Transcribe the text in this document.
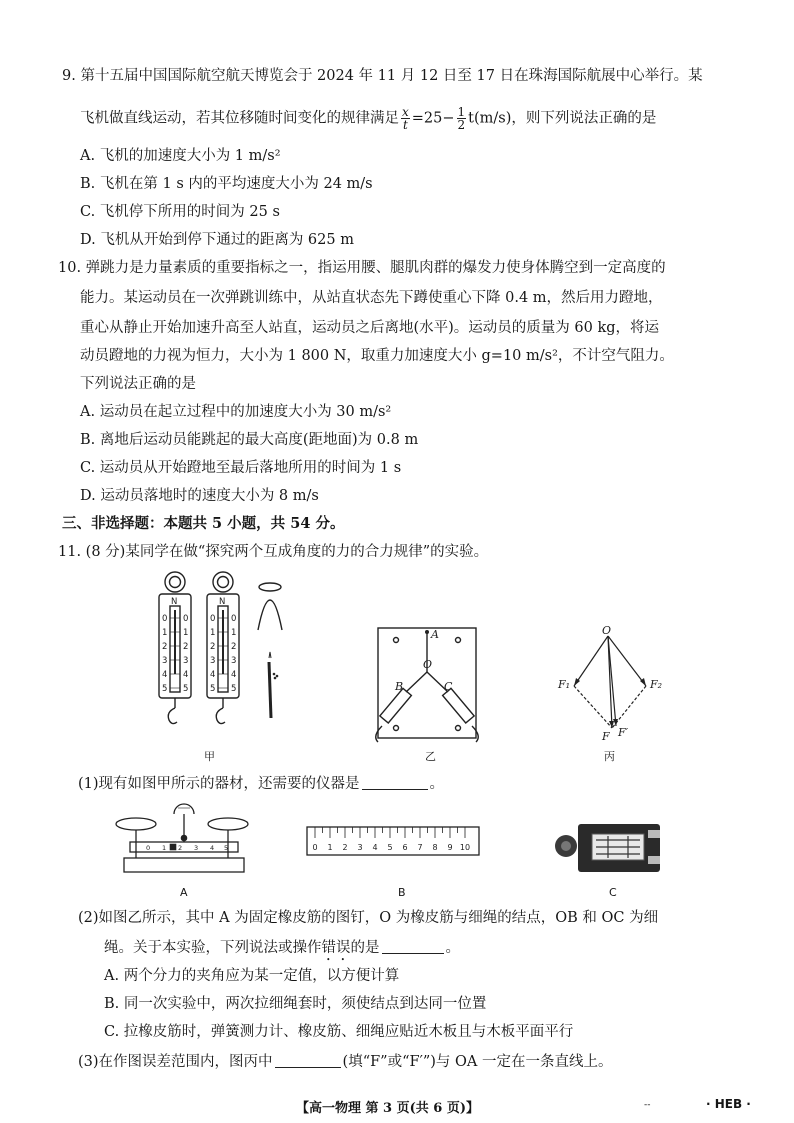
9. 第十五届中国国际航空航天博览会于 2024 年 11 月 12 日至 17 日在珠海国际航展中心举行。某
飞机做直线运动，若其位移随时间变化的规律满足 $\frac{x}{t} =25- \frac{1}{2} t(m/s)$，则下列说法正确的是
A. 飞机的加速度大小为 1 m/s²
B. 飞机在第 1 s 内的平均速度大小为 24 m/s
C. 飞机停下所用的时间为 25 s
D. 飞机从开始到停下通过的距离为 625 m
10. 弹跳力是力量素质的重要指标之一，指运用腰、腿肌肉群的爆发力使身体腾空到一定高度的
能力。某运动员在一次弹跳训练中，从站直状态先下蹲使重心下降 0.4 m，然后用力蹬地，
重心从静止开始加速升高至人站直，运动员之后离地(水平)。运动员的质量为 60 kg，将运
动员蹬地的力视为恒力，大小为 1 800 N，取重力加速度大小 g=10 m/s²，不计空气阻力。
下列说法正确的是
A. 运动员在起立过程中的加速度大小为 30 m/s²
B. 离地后运动员能跳起的最大高度(距地面)为 0.8 m
C. 运动员从开始蹬地至最后落地所用的时间为 1 s
D. 运动员落地时的速度大小为 8 m/s
三、非选择题：本题共 5 小题，共 54 分。
11. (8 分)某同学在做“探究两个互成角度的力的合力规律”的实验。
N	N
0
1
2
3
4
5
0
1
2
3
4
5
0
1
2
3
4
5
0
1
2
3
4
5
甲
A
O
B	C
乙
O
F₁	F₂
F F′
丙
(1)现有如图甲所示的器材，还需要的仪器是	。
0 1 2 3 4 5
A
0 1 2 3 4 5 6 7 8 9 10
B	C
(2)如图乙所示，其中 A 为固定橡皮筋的图钉，O 为橡皮筋与细绳的结点，OB 和 OC 为细
绳。关于本实验，下列说法或操作错误的是	。
A. 两个分力的夹角应为某一定值，以方便计算
B. 同一次实验中，两次拉细绳套时，须使结点到达同一位置
C. 拉橡皮筋时，弹簧测力计、橡皮筋、细绳应贴近木板且与木板平面平行
(3)在作图误差范围内，图丙中	(填“F”或“F′”)与 OA 一定在一条直线上。
【高一物理 第 3 页(共 6 页)】	--	· HEB ·
